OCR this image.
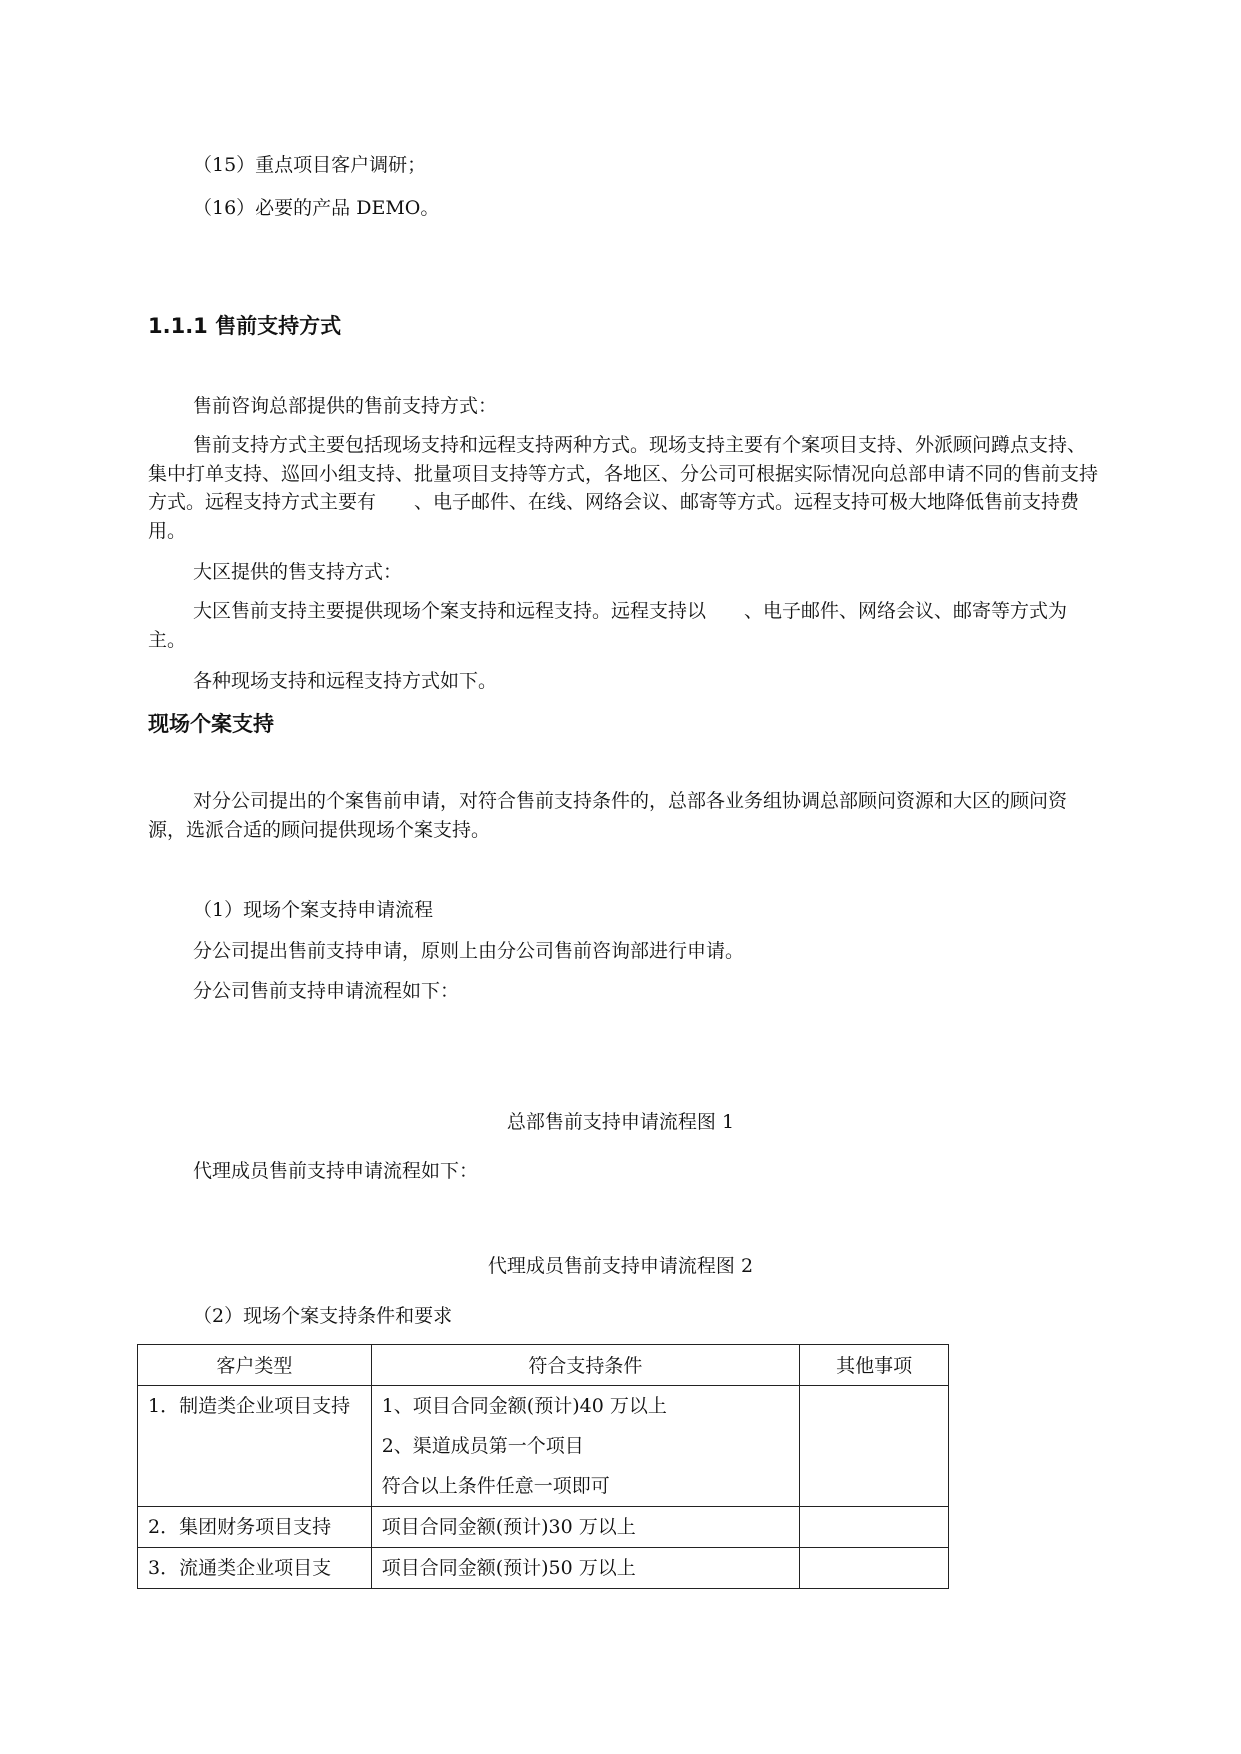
（15）重点项目客户调研；

（16）必要的产品 DEMO。

1.1.1 售前支持方式

售前咨询总部提供的售前支持方式：

售前支持方式主要包括现场支持和远程支持两种方式。现场支持主要有个案项目支持、外派顾问蹲点支持、集中打单支持、巡回小组支持、批量项目支持等方式，各地区、分公司可根据实际情况向总部申请不同的售前支持方式。远程支持方式主要有　　、电子邮件、在线、网络会议、邮寄等方式。远程支持可极大地降低售前支持费用。

大区提供的售支持方式：

大区售前支持主要提供现场个案支持和远程支持。远程支持以　　、电子邮件、网络会议、邮寄等方式为主。

各种现场支持和远程支持方式如下。

现场个案支持

对分公司提出的个案售前申请，对符合售前支持条件的，总部各业务组协调总部顾问资源和大区的顾问资源，选派合适的顾问提供现场个案支持。

（1）现场个案支持申请流程

分公司提出售前支持申请，原则上由分公司售前咨询部进行申请。

分公司售前支持申请流程如下：

总部售前支持申请流程图 1

代理成员售前支持申请流程如下：

代理成员售前支持申请流程图 2

（2）现场个案支持条件和要求

客户类型	符合支持条件	其他事项
1．制造类企业项目支持	1、项目合同金额(预计)40 万以上
2、渠道成员第一个项目
符合以上条件任意一项即可	

2．集团财务项目支持	项目合同金额(预计)30 万以上	

3．流通类企业项目支	项目合同金额(预计)50 万以上	
